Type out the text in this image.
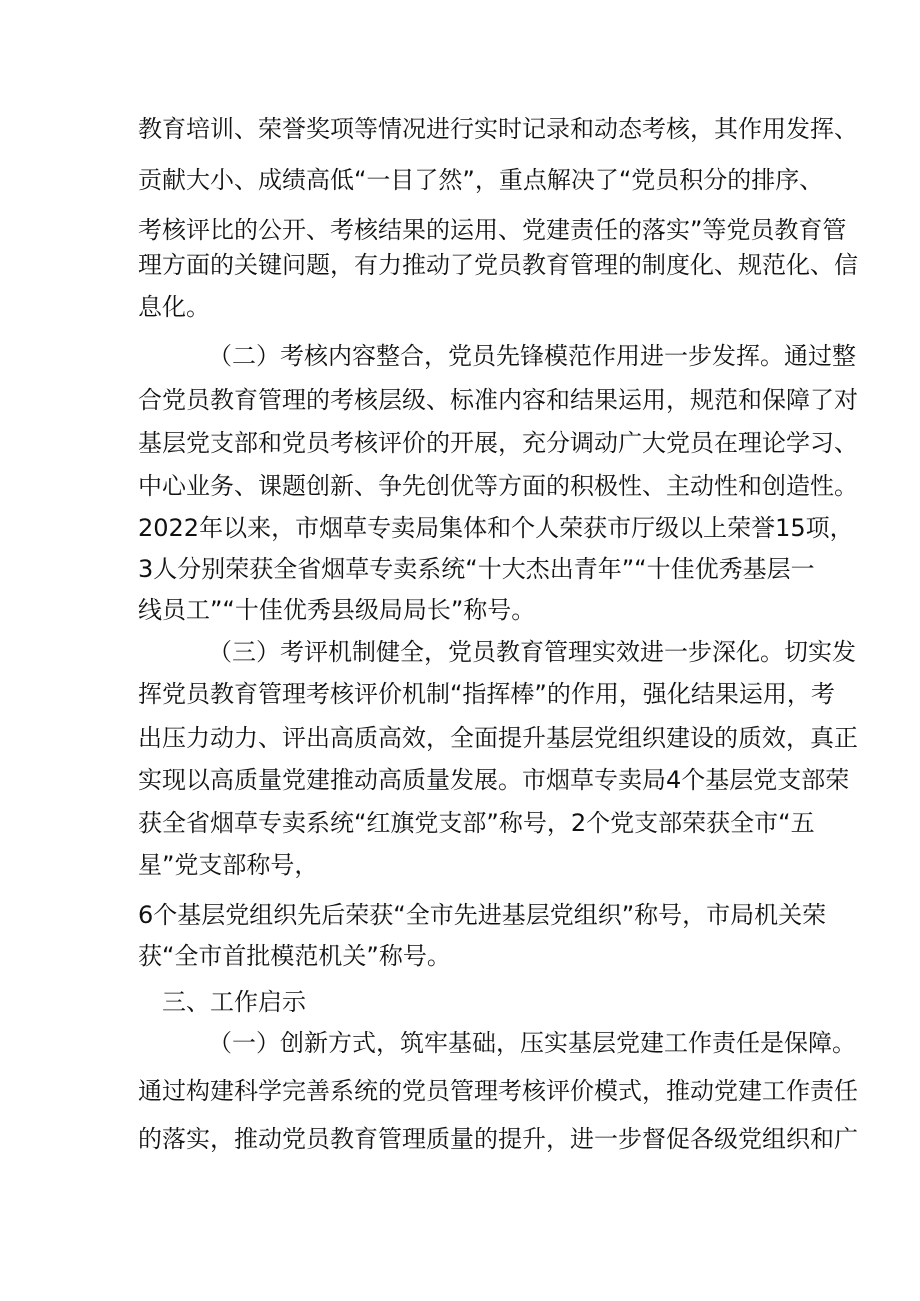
教育培训、荣誉奖项等情况进行实时记录和动态考核，其作用发挥、
贡献大小、成绩高低“一目了然”，重点解决了“党员积分的排序、
考核评比的公开、考核结果的运用、党建责任的落实”等党员教育管
理方面的关键问题，有力推动了党员教育管理的制度化、规范化、信
息化。
（二）考核内容整合，党员先锋模范作用进一步发挥。通过整
合党员教育管理的考核层级、标准内容和结果运用，规范和保障了对
基层党支部和党员考核评价的开展，充分调动广大党员在理论学习、
中心业务、课题创新、争先创优等方面的积极性、主动性和创造性。
2022年以来，市烟草专卖局集体和个人荣获市厅级以上荣誉15项，
3人分别荣获全省烟草专卖系统“十大杰出青年”“十佳优秀基层一
线员工”“十佳优秀县级局局长”称号。
（三）考评机制健全，党员教育管理实效进一步深化。切实发
挥党员教育管理考核评价机制“指挥棒”的作用，强化结果运用，考
出压力动力、评出高质高效，全面提升基层党组织建设的质效，真正
实现以高质量党建推动高质量发展。市烟草专卖局4个基层党支部荣
获全省烟草专卖系统“红旗党支部”称号，2个党支部荣获全市“五
星”党支部称号，
6个基层党组织先后荣获“全市先进基层党组织”称号，市局机关荣
获“全市首批模范机关”称号。
三、工作启示
（一）创新方式，筑牢基础，压实基层党建工作责任是保障。
通过构建科学完善系统的党员管理考核评价模式，推动党建工作责任
的落实，推动党员教育管理质量的提升，进一步督促各级党组织和广
